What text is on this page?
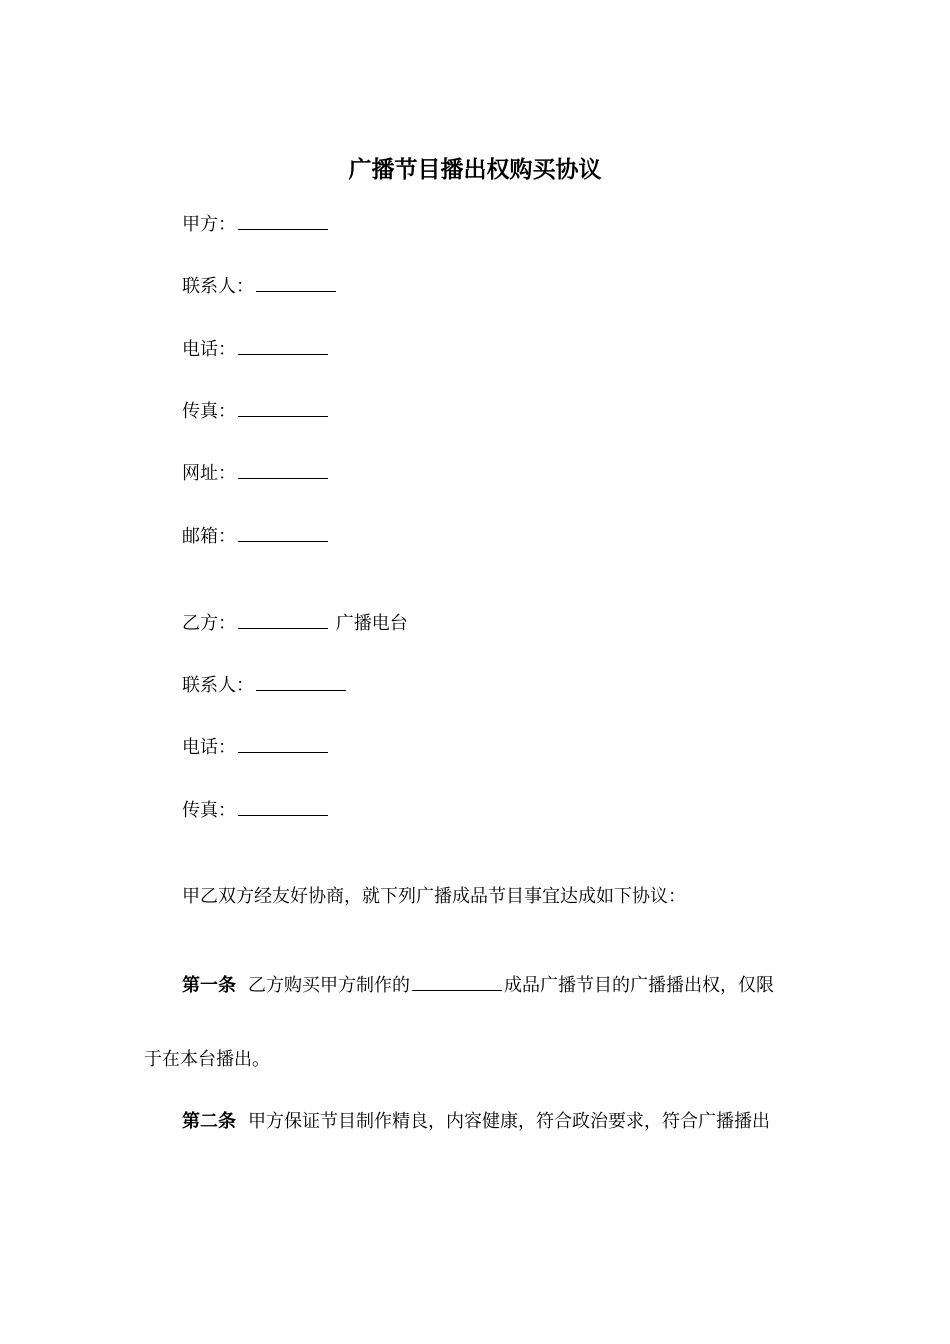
广播节目播出权购买协议
甲方：
联系人：
电话：
传真：
网址：
邮箱：
乙方：	广播电台
联系人：
电话：
传真：
甲乙双方经友好协商，就下列广播成品节目事宜达成如下协议：
第一条 乙方购买甲方制作的	成品广播节目的广播播出权，仅限
于在本台播出。
第二条 甲方保证节目制作精良，内容健康，符合政治要求，符合广播播出
